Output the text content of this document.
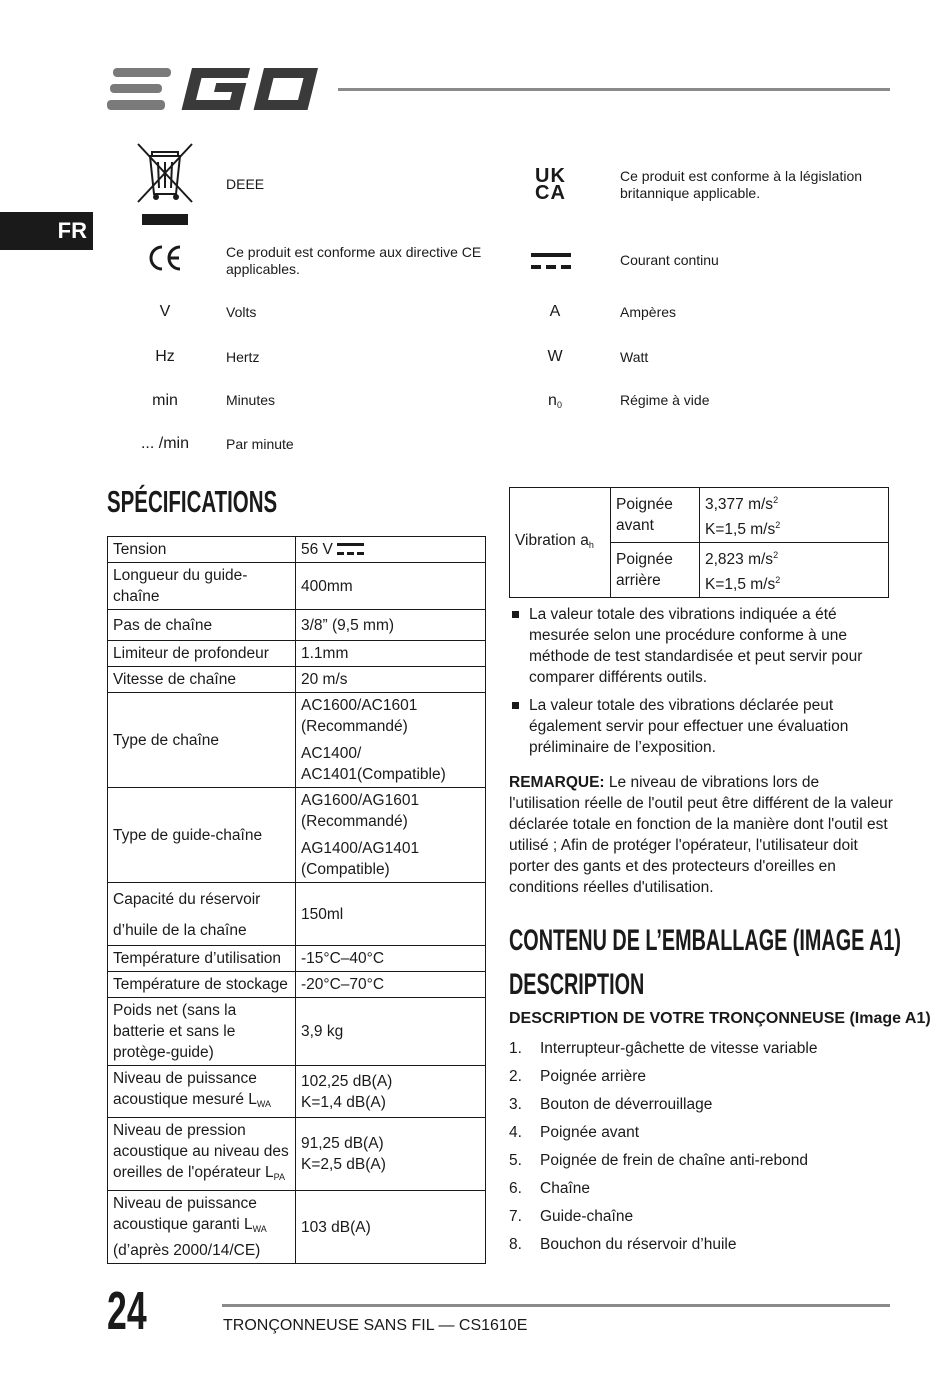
FR
DEEE
Ce produit est conforme aux directive CE applicables.
V	Volts
Hz	Hertz
min	Minutes
... /min	Par minute
UKCA
Ce produit est conforme à la législation britannique applicable.
Courant continu
A	Ampères
W	Watt
$n_0$	Régime à vide
SPÉCIFICATIONS
Tension	56 V
Longueur du guide-chaîne	400mm
Pas de chaîne	3/8” (9,5 mm)
Limiteur de profondeur	1.1mm
Vitesse de chaîne	20 m/s
Type de chaîne	AC1600/AC1601 (Recommandé)
AC1400/ AC1401(Compatible)

Type de guide-chaîne	AG1600/AG1601 (Recommandé)
AG1400/AG1401 (Compatible)

Capacité du réservoir
d’huile de la chaîne	150ml
Température d’utilisation	-15°C–40°C
Température de stockage	-20°C–70°C
Poids net (sans la batterie et sans le protège-guide)	3,9 kg
Niveau de puissance acoustique mesuré $L_{WA}$	102,25 dB(A)
K=1,4 dB(A)

Niveau de pression acoustique au niveau des oreilles de l'opérateur $L_{PA}$	91,25 dB(A)
K=2,5 dB(A)

Niveau de puissance acoustique garanti $L_{WA}$
(d’après 2000/14/CE)	103 dB(A)
Vibration $a_h$	Poignée avant	3,377 $m/s^2$
K=1,5 $m/s^2$

	Poignée arrière	2,823 $m/s^2$
K=1,5 $m/s^2$
La valeur totale des vibrations indiquée a été mesurée selon une procédure conforme à une méthode de test standardisée et peut servir pour comparer différents outils.
La valeur totale des vibrations déclarée peut également servir pour effectuer une évaluation préliminaire de l’exposition.
REMARQUE: Le niveau de vibrations lors de l'utilisation réelle de l'outil peut être différent de la valeur déclarée totale en fonction de la manière dont l'outil est utilisé ; Afin de protéger l'opérateur, l'utilisateur doit porter des gants et des protecteurs d'oreilles en conditions réelles d'utilisation.
CONTENU DE L’EMBALLAGE (IMAGE A1)
DESCRIPTION
DESCRIPTION DE VOTRE TRONÇONNEUSE (Image A1)
1. Interrupteur-gâchette de vitesse variable
2. Poignée arrière
3. Bouton de déverrouillage
4. Poignée avant
5. Poignée de frein de chaîne anti-rebond
6. Chaîne
7. Guide-chaîne
8. Bouchon du réservoir d’huile
24	TRONÇONNEUSE SANS FIL — CS1610E
